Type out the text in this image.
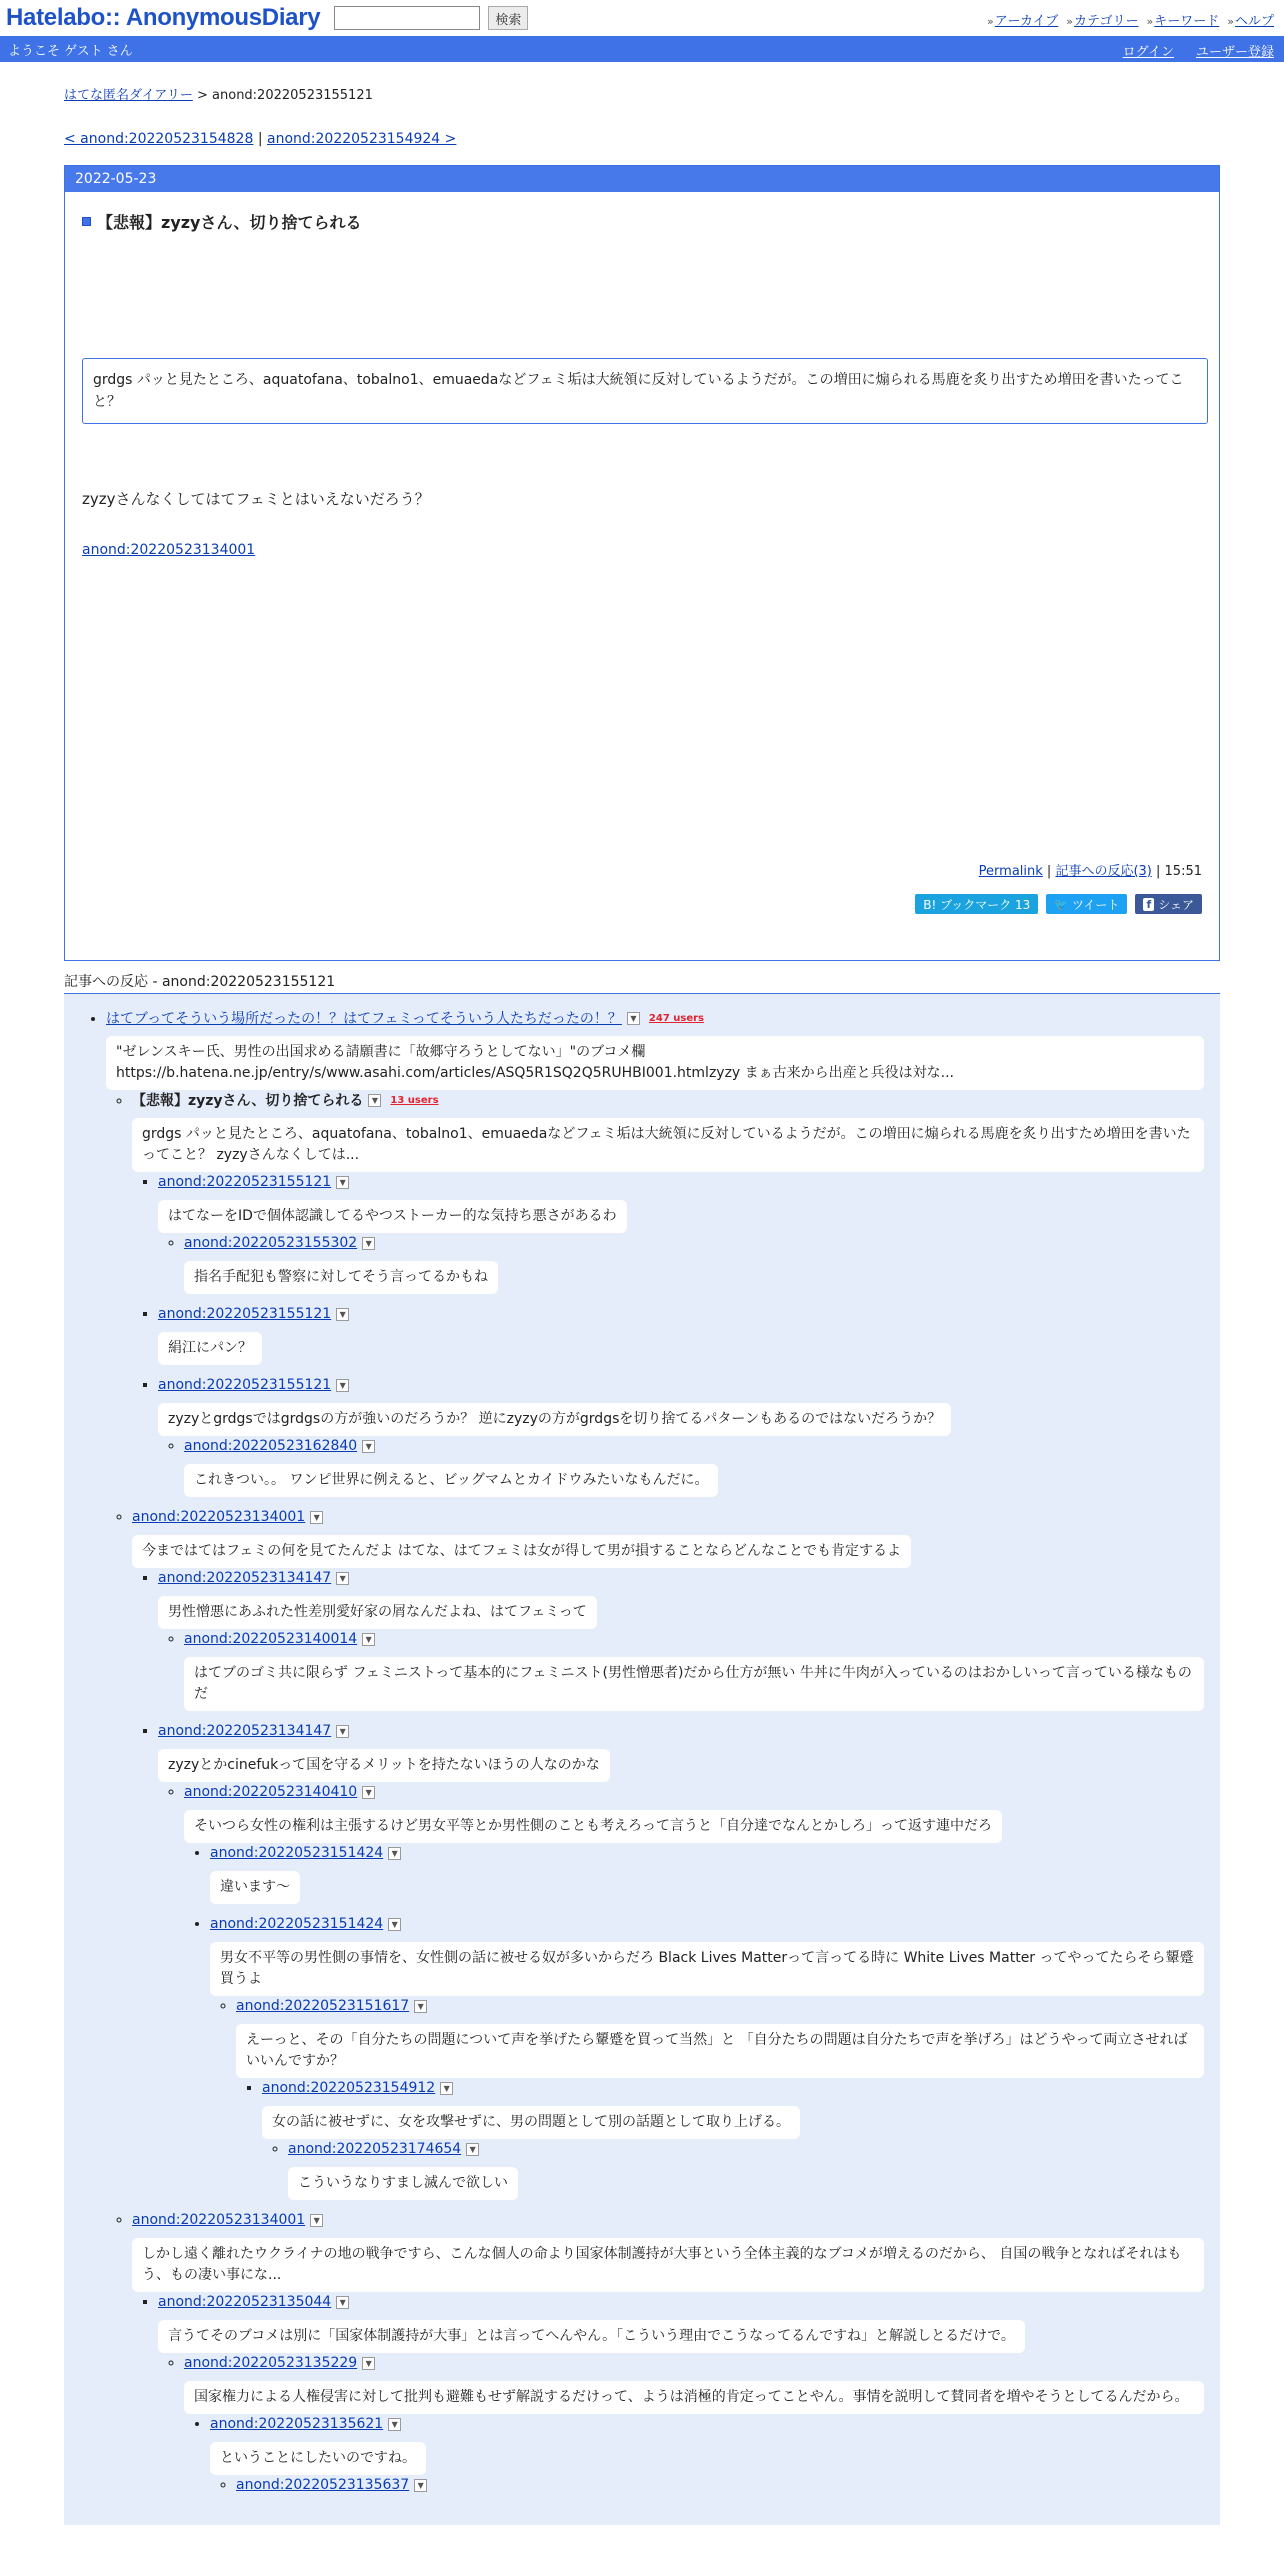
Hatelabo:: AnonymousDiary	検索	» アーカイブ	» カテゴリー	» キーワード	» ヘルプ
ようこそ ゲスト さん	ログイン ユーザー登録
はてな匿名ダイアリー > anond:20220523155121
< anond:20220523154828 | anond:20220523154924 >
2022-05-23
【悲報】zyzyさん、切り捨てられる
grdgs パッと見たところ、aquatofana、tobalno1、emuaedaなどフェミ垢は大統領に反対しているようだが。この増田に煽られる馬鹿を炙り出すため増田を書いたってこと？
zyzyさんなくしてはてフェミとはいえないだろう？
anond:20220523134001
Permalink | 記事への反応(3) | 15:51
B! ブックマーク 13	🐦 ツイート f シェア
記事への反応 - anond:20220523155121
• はてブってそういう場所だったの！？はてフェミってそういう人たちだったの！？	▼	247 users
"ゼレンスキー氏、男性の出国求める請願書に「故郷守ろうとしてない」"のブコメ欄 https://b.hatena.ne.jp/entry/s/www.asahi.com/articles/ASQ5R1SQ2Q5RUHBI001.htmlzyzy まぁ古来から出産と兵役は対な...
◦ 【悲報】zyzyさん、切り捨てられる	▼	13 users
grdgs パッと見たところ、aquatofana、tobalno1、emuaedaなどフェミ垢は大統領に反対しているようだが。この増田に煽られる馬鹿を炙り出すため増田を書いたってこと？ zyzyさんなくしては...
▪ anond:20220523155121	▼
はてなーをIDで個体認識してるやつストーカー的な気持ち悪さがあるわ
◦ anond:20220523155302	▼
指名手配犯も警察に対してそう言ってるかもね
▪ anond:20220523155121	▼
絹江にパン？
▪ anond:20220523155121	▼
zyzyとgrdgsではgrdgsの方が強いのだろうか？ 逆にzyzyの方がgrdgsを切り捨てるパターンもあるのではないだろうか？
◦ anond:20220523162840	▼
これきつい。。 ワンピ世界に例えると、ビッグマムとカイドウみたいなもんだに。
◦ anond:20220523134001	▼
今まではてはフェミの何を見てたんだよ はてな、はてフェミは女が得して男が損することならどんなことでも肯定するよ
▪ anond:20220523134147	▼
男性憎悪にあふれた性差別愛好家の屑なんだよね、はてフェミって
◦ anond:20220523140014	▼
はてブのゴミ共に限らず フェミニストって基本的にフェミニスト(男性憎悪者)だから仕方が無い 牛丼に牛肉が入っているのはおかしいって言っている様なものだ
▪ anond:20220523134147	▼
zyzyとかcinefukって国を守るメリットを持たないほうの人なのかな
◦ anond:20220523140410	▼
そいつら女性の権利は主張するけど男女平等とか男性側のことも考えろって言うと「自分達でなんとかしろ」って返す連中だろ
• anond:20220523151424	▼
違います〜
• anond:20220523151424	▼
男女不平等の男性側の事情を、女性側の話に被せる奴が多いからだろ Black Lives Matterって言ってる時に White Lives Matter ってやってたらそら顰蹙買うよ
◦ anond:20220523151617	▼
えーっと、その「自分たちの問題について声を挙げたら顰蹙を買って当然」と 「自分たちの問題は自分たちで声を挙げろ」はどうやって両立させればいいんですか？
▪ anond:20220523154912	▼
女の話に被せずに、女を攻撃せずに、男の問題として別の話題として取り上げる。
◦ anond:20220523174654	▼
こういうなりすまし滅んで欲しい
◦ anond:20220523134001	▼
しかし遠く離れたウクライナの地の戦争ですら、こんな個人の命より国家体制護持が大事という全体主義的なブコメが増えるのだから、 自国の戦争となればそれはもう、もの凄い事にな...
▪ anond:20220523135044	▼
言うてそのブコメは別に「国家体制護持が大事」とは言ってへんやん。「こういう理由でこうなってるんですね」と解説しとるだけで。
◦ anond:20220523135229	▼
国家権力による人権侵害に対して批判も避難もせず解説するだけって、ようは消極的肯定ってことやん。事情を説明して賛同者を増やそうとしてるんだから。
• anond:20220523135621	▼
ということにしたいのですね。
◦ anond:20220523135637	▼
